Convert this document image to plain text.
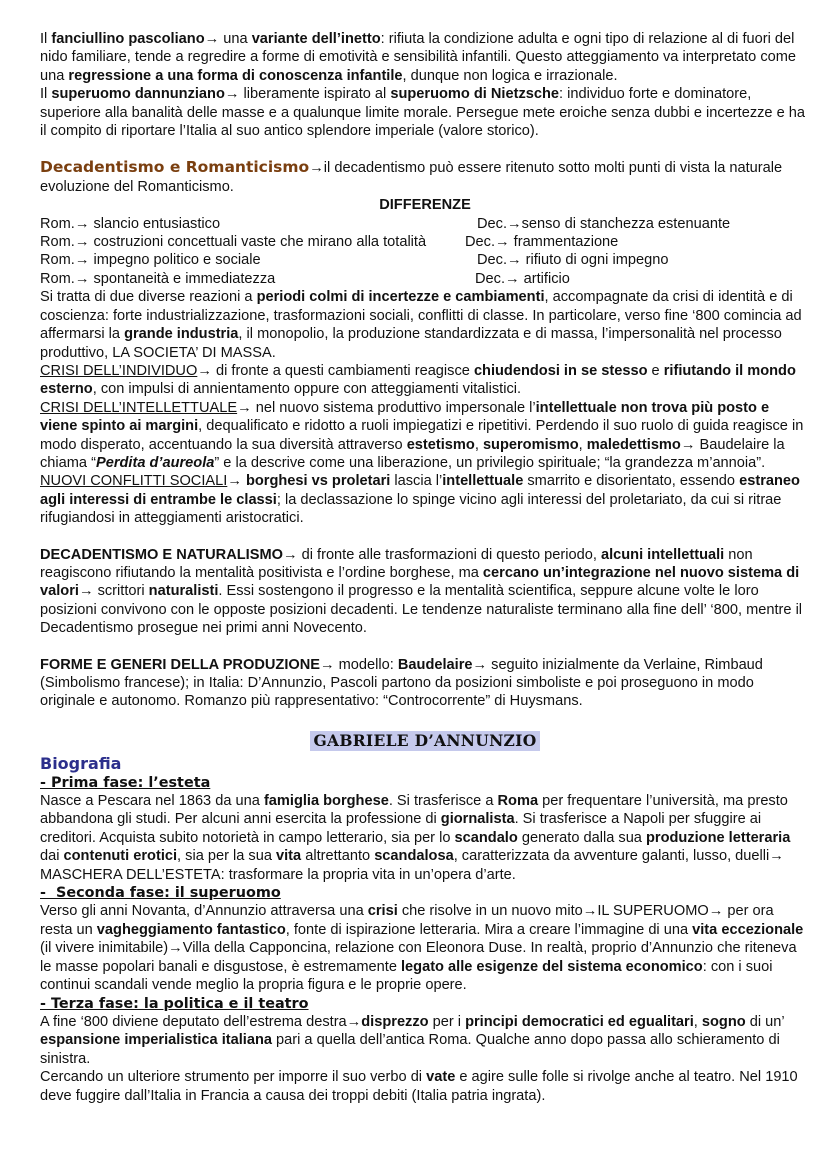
Il fanciullino pascoliano→ una variante dell’inetto: rifiuta la condizione adulta e ogni tipo di relazione al di fuori del nido familiare, tende a regredire a forme di emotività e sensibilità infantili. Questo atteggiamento va interpretato come una regressione a una forma di conoscenza infantile, dunque non logica e irrazionale.

Il superuomo dannunziano→ liberamente ispirato al superuomo di Nietzsche: individuo forte e dominatore, superiore alla banalità delle masse e a qualunque limite morale. Persegue mete eroiche senza dubbi e incertezze e ha il compito di riportare l’Italia al suo antico splendore imperiale (valore storico).

Decadentismo e Romanticismo→il decadentismo può essere ritenuto sotto molti punti di vista la naturale evoluzione del Romanticismo.

DIFFERENZE
Rom.→ slancio entusiastico	Dec.→senso di stanchezza estenuante
Rom.→ costruzioni concettuali vaste che mirano alla totalità	Dec.→ frammentazione
Rom.→ impegno politico e sociale	Dec.→ rifiuto di ogni impegno
Rom.→ spontaneità e immediatezza	Dec.→ artificio

Si tratta di due diverse reazioni a periodi colmi di incertezze e cambiamenti, accompagnate da crisi di identità e di coscienza: forte industrializzazione, trasformazioni sociali, conflitti di classe. In particolare, verso fine ‘800 comincia ad affermarsi la grande industria, il monopolio, la produzione standardizzata e di massa, l’impersonalità nel processo produttivo, LA SOCIETA’ DI MASSA.

CRISI DELL’INDIVIDUO→ di fronte a questi cambiamenti reagisce chiudendosi in se stesso e rifiutando il mondo esterno, con impulsi di annientamento oppure con atteggiamenti vitalistici.

CRISI DELL’INTELLETTUALE→ nel nuovo sistema produttivo impersonale l’intellettuale non trova più posto e viene spinto ai margini, dequalificato e ridotto a ruoli impiegatizi e ripetitivi. Perdendo il suo ruolo di guida reagisce in modo disperato, accentuando la sua diversità attraverso estetismo, superomismo, maledettismo→ Baudelaire la chiama “Perdita d’aureola” e la descrive come una liberazione, un privilegio spirituale; “la grandezza m’annoia”.

NUOVI CONFLITTI SOCIALI→ borghesi vs proletari lascia l’intellettuale smarrito e disorientato, essendo estraneo agli interessi di entrambe le classi; la declassazione lo spinge vicino agli interessi del proletariato, da cui si ritrae rifugiandosi in atteggiamenti aristocratici.

DECADENTISMO E NATURALISMO→ di fronte alle trasformazioni di questo periodo, alcuni intellettuali non reagiscono rifiutando la mentalità positivista e l’ordine borghese, ma cercano un’integrazione nel nuovo sistema di valori→ scrittori naturalisti. Essi sostengono il progresso e la mentalità scientifica, seppure alcune volte le loro posizioni convivono con le opposte posizioni decadenti. Le tendenze naturaliste terminano alla fine dell’ ‘800, mentre il Decadentismo prosegue nei primi anni Novecento.

FORME E GENERI DELLA PRODUZIONE→ modello: Baudelaire→ seguito inizialmente da Verlaine, Rimbaud (Simbolismo francese); in Italia: D’Annunzio, Pascoli partono da posizioni simboliste e poi proseguono in modo originale e autonomo. Romanzo più rappresentativo: “Controcorrente” di Huysmans.

GABRIELE D’ANNUNZIO
Biografia
- Prima fase: l’esteta

Nasce a Pescara nel 1863 da una famiglia borghese. Si trasferisce a Roma per frequentare l’università, ma presto abbandona gli studi. Per alcuni anni esercita la professione di giornalista. Si trasferisce a Napoli per sfuggire ai creditori. Acquista subito notorietà in campo letterario, sia per lo scandalo generato dalla sua produzione letteraria dai contenuti erotici, sia per la sua vita altrettanto scandalosa, caratterizzata da avventure galanti, lusso, duelli→ MASCHERA DELL’ESTETA: trasformare la propria vita in un’opera d’arte.

-  Seconda fase: il superuomo

Verso gli anni Novanta, d’Annunzio attraversa una crisi che risolve in un nuovo mito→IL SUPERUOMO→ per ora resta un vagheggiamento fantastico, fonte di ispirazione letteraria. Mira a creare l’immagine di una vita eccezionale (il vivere inimitabile)→Villa della Capponcina, relazione con Eleonora Duse. In realtà, proprio d’Annunzio che riteneva le masse popolari banali e disgustose, è estremamente legato alle esigenze del sistema economico: con i suoi continui scandali vende meglio la propria figura e le proprie opere.

- Terza fase: la politica e il teatro

A fine ‘800 diviene deputato dell’estrema destra→disprezzo per i principi democratici ed egualitari, sogno di un’ espansione imperialistica italiana pari a quella dell’antica Roma. Qualche anno dopo passa allo schieramento di sinistra.

Cercando un ulteriore strumento per imporre il suo verbo di vate e agire sulle folle si rivolge anche al teatro. Nel 1910 deve fuggire dall’Italia in Francia a causa dei troppi debiti (Italia patria ingrata).
